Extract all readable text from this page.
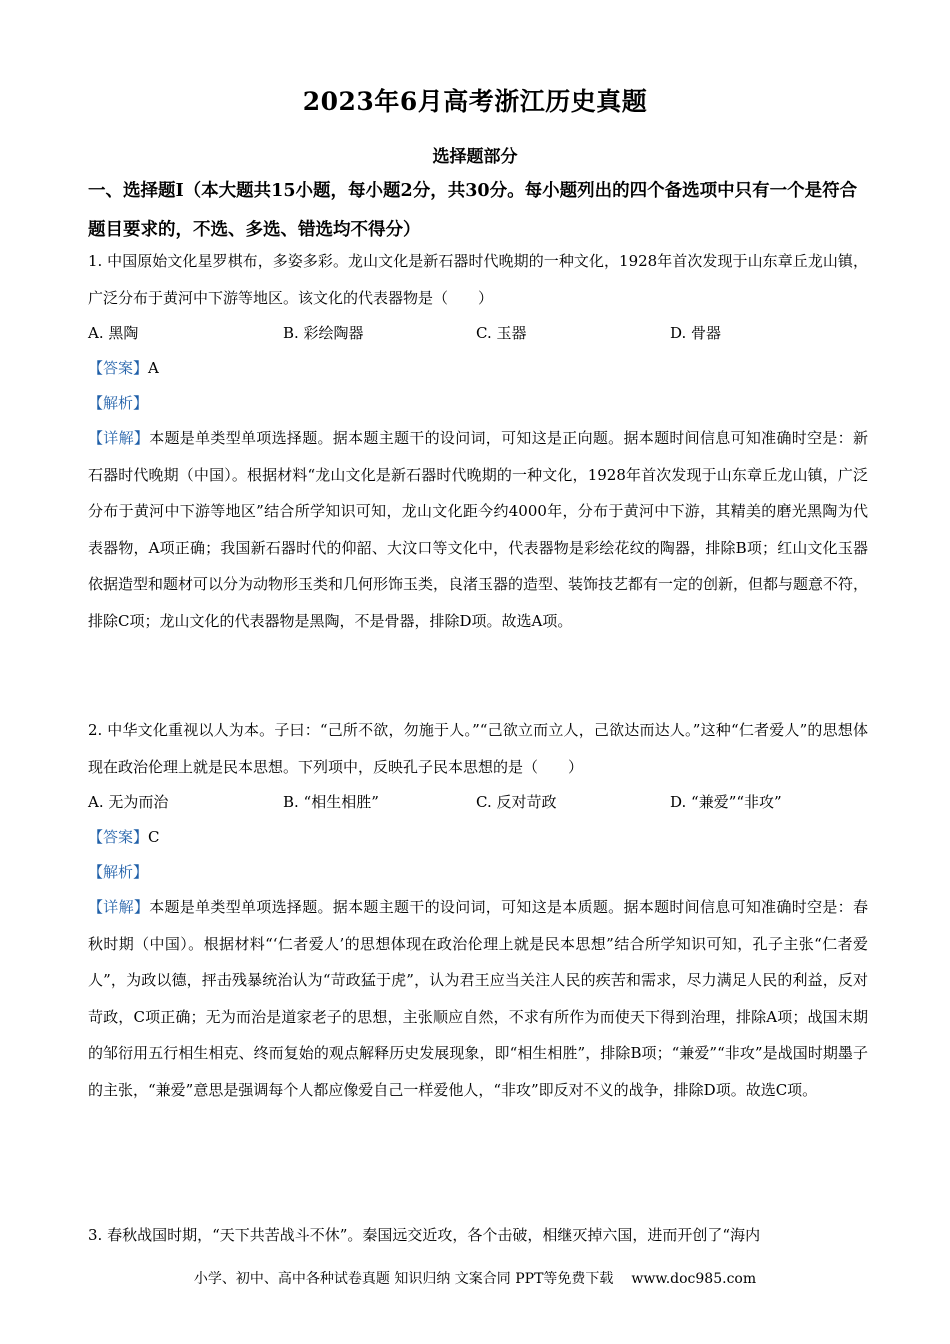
2023年6月高考浙江历史真题
选择题部分
一、选择题Ⅰ（本大题共15小题，每小题2分，共30分。每小题列出的四个备选项中只有一个是符合题目要求的，不选、多选、错选均不得分）
1. 中国原始文化星罗棋布，多姿多彩。龙山文化是新石器时代晚期的一种文化，1928年首次发现于山东章丘龙山镇，广泛分布于黄河中下游等地区。该文化的代表器物是（　　）
A. 黑陶	B. 彩绘陶器	C. 玉器	D. 骨器
【答案】A
【解析】
【详解】本题是单类型单项选择题。据本题主题干的设问词，可知这是正向题。据本题时间信息可知准确时空是：新石器时代晚期（中国）。根据材料“龙山文化是新石器时代晚期的一种文化，1928年首次发现于山东章丘龙山镇，广泛分布于黄河中下游等地区”结合所学知识可知，龙山文化距今约4000年，分布于黄河中下游，其精美的磨光黑陶为代表器物，A项正确；我国新石器时代的仰韶、大汶口等文化中，代表器物是彩绘花纹的陶器，排除B项；红山文化玉器依据造型和题材可以分为动物形玉类和几何形饰玉类，良渚玉器的造型、装饰技艺都有一定的创新，但都与题意不符，排除C项；龙山文化的代表器物是黑陶，不是骨器，排除D项。故选A项。
2. 中华文化重视以人为本。子曰：“己所不欲，勿施于人。”“己欲立而立人，己欲达而达人。”这种“仁者爱人”的思想体现在政治伦理上就是民本思想。下列项中，反映孔子民本思想的是（　　）
A. 无为而治	B. “相生相胜”	C. 反对苛政	D. “兼爱”“非攻”
【答案】C
【解析】
【详解】本题是单类型单项选择题。据本题主题干的设问词，可知这是本质题。据本题时间信息可知准确时空是：春秋时期（中国）。根据材料“‘仁者爱人’的思想体现在政治伦理上就是民本思想”结合所学知识可知，孔子主张“仁者爱人”，为政以德，抨击残暴统治认为“苛政猛于虎”，认为君王应当关注人民的疾苦和需求，尽力满足人民的利益，反对苛政，C项正确；无为而治是道家老子的思想，主张顺应自然，不求有所作为而使天下得到治理，排除A项；战国末期的邹衍用五行相生相克、终而复始的观点解释历史发展现象，即“相生相胜”，排除B项；“兼爱”“非攻”是战国时期墨子的主张，“兼爱”意思是强调每个人都应像爱自己一样爱他人，“非攻”即反对不义的战争，排除D项。故选C项。
3. 春秋战国时期，“天下共苦战斗不休”。秦国远交近攻，各个击破，相继灭掉六国，进而开创了“海内
小学、初中、高中各种试卷真题 知识归纳 文案合同 PPT等免费下载 www.doc985.com
